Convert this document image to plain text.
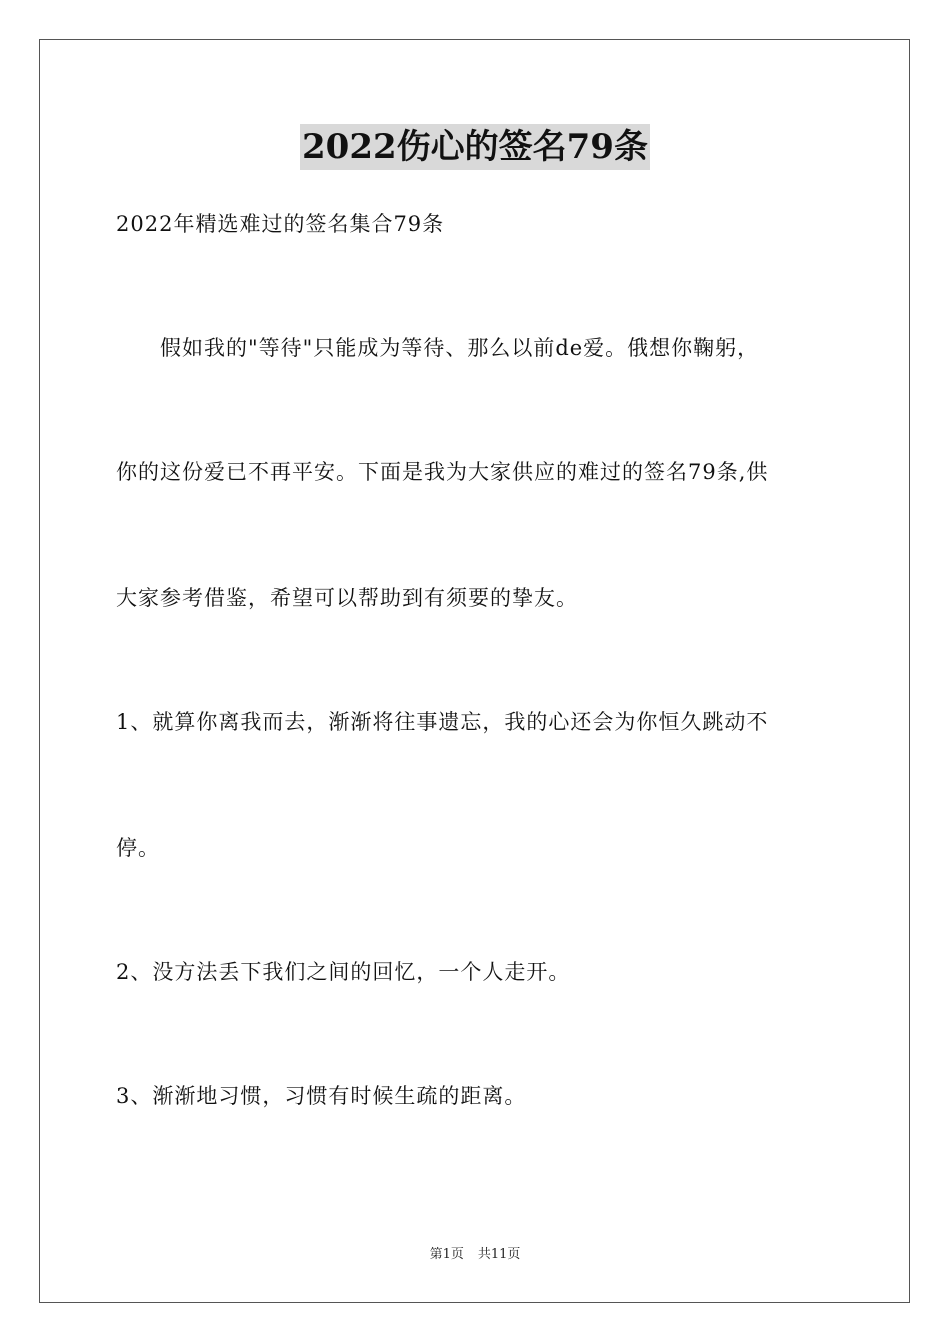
2022伤心的签名79条
2022年精选难过的签名集合79条
　　假如我的"等待"只能成为等待、那么以前de爱。俄想你鞠躬，
你的这份爱已不再平安。下面是我为大家供应的难过的签名79条,供
大家参考借鉴，希望可以帮助到有须要的挚友。
1、就算你离我而去，渐渐将往事遗忘，我的心还会为你恒久跳动不
停。
2、没方法丢下我们之间的回忆，一个人走开。
3、渐渐地习惯，习惯有时候生疏的距离。
第1页 共11页
